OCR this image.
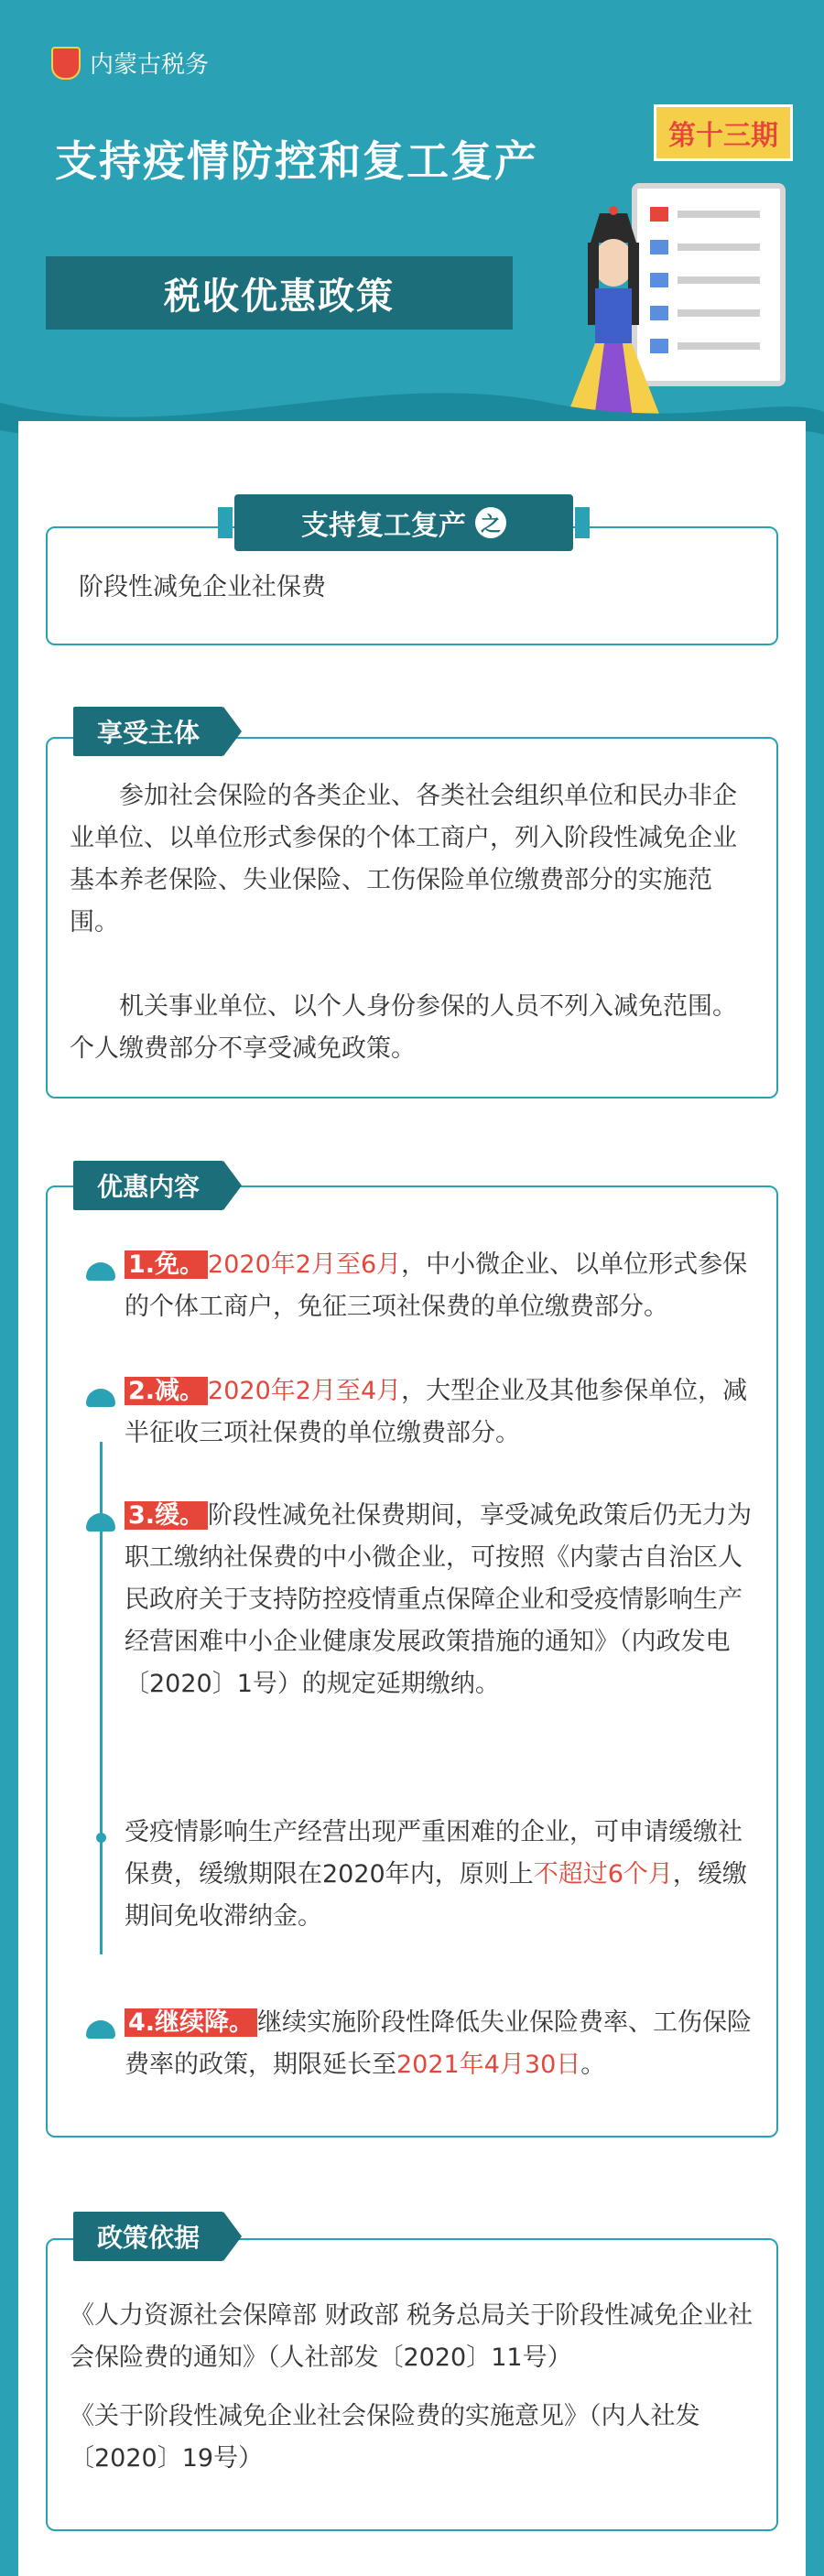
内蒙古税务
支持疫情防控和复工复产
第十三期
税收优惠政策
阶段性减免企业社保费
支持复工复产 之
参加社会保险的各类企业、各类社会组织单位和民办非企业单位、以单位形式参保的个体工商户，列入阶段性减免企业基本养老保险、失业保险、工伤保险单位缴费部分的实施范围。
机关事业单位、以个人身份参保的人员不列入减免范围。个人缴费部分不享受减免政策。
享受主体
1.免。 2020年2月至6月，中小微企业、以单位形式参保的个体工商户，免征三项社保费的单位缴费部分。
2.减。 2020年2月至4月，大型企业及其他参保单位，减半征收三项社保费的单位缴费部分。
3.缓。 阶段性减免社保费期间，享受减免政策后仍无力为职工缴纳社保费的中小微企业，可按照《内蒙古自治区人民政府关于支持防控疫情重点保障企业和受疫情影响生产经营困难中小企业健康发展政策措施的通知》（内政发电〔2020〕1号）的规定延期缴纳。
受疫情影响生产经营出现严重困难的企业，可申请缓缴社保费，缓缴期限在2020年内，原则上不超过6个月，缓缴期间免收滞纳金。
4.继续降。 继续实施阶段性降低失业保险费率、工伤保险费率的政策，期限延长至2021年4月30日。
优惠内容
《人力资源社会保障部 财政部 税务总局关于阶段性减免企业社会保险费的通知》（人社部发〔2020〕11号）
《关于阶段性减免企业社会保险费的实施意见》（内人社发〔2020〕19号）
政策依据
